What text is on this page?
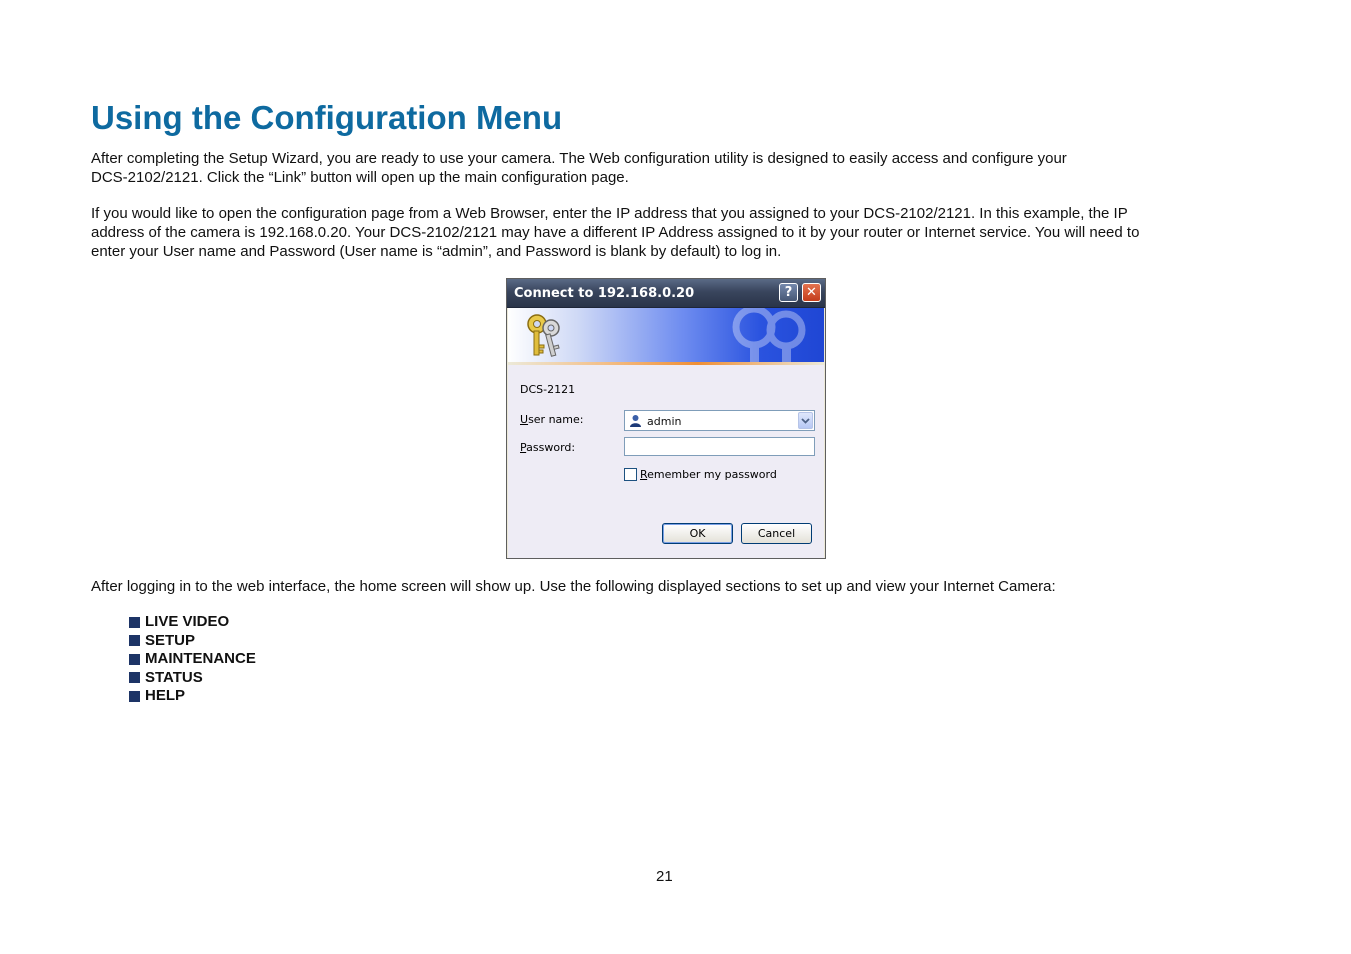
Using the Configuration Menu

After completing the Setup Wizard, you are ready to use your camera. The Web configuration utility is designed to easily access and configure your
DCS-2102/2121. Click the “Link” button will open up the main configuration page.

If you would like to open the configuration page from a Web Browser, enter the IP address that you assigned to your DCS-2102/2121. In this example, the IP
address of the camera is 192.168.0.20. Your DCS-2102/2121 may have a different IP Address assigned to it by your router or Internet service. You will need to
enter your User name and Password (User name is “admin”, and Password is blank by default) to log in.

Connect to 192.168.0.20	?	✕
DCS-2121
User name:	admin
Password:
Remember my password
OK	Cancel

After logging in to the web interface, the home screen will show up. Use the following displayed sections to set up and view your Internet Camera:

LIVE VIDEO
SETUP
MAINTENANCE
STATUS
HELP
21
